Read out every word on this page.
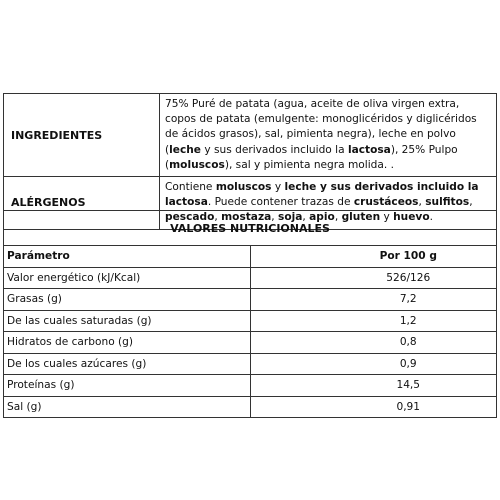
INGREDIENTES	75% Puré de patata (agua, aceite de oliva virgen extra, copos de patata (emulgente: monoglicéridos y diglicéridos de ácidos grasos), sal, pimienta negra), leche en polvo (leche y sus derivados incluido la lactosa), 25% Pulpo (moluscos), sal y pimienta negra molida. .
ALÉRGENOS	Contiene moluscos y leche y sus derivados incluido la lactosa. Puede contener trazas de crustáceos, sulfitos, pescado, mostaza, soja, apio, gluten y huevo.
VALORES NUTRICIONALES	
Parámetro	Por 100 g
Valor energético (kJ/Kcal)	526/126
Grasas (g)	7,2
De las cuales saturadas (g)	1,2
Hidratos de carbono (g)	0,8
De los cuales azúcares (g)	0,9
Proteínas (g)	14,5
Sal (g)	0,91
